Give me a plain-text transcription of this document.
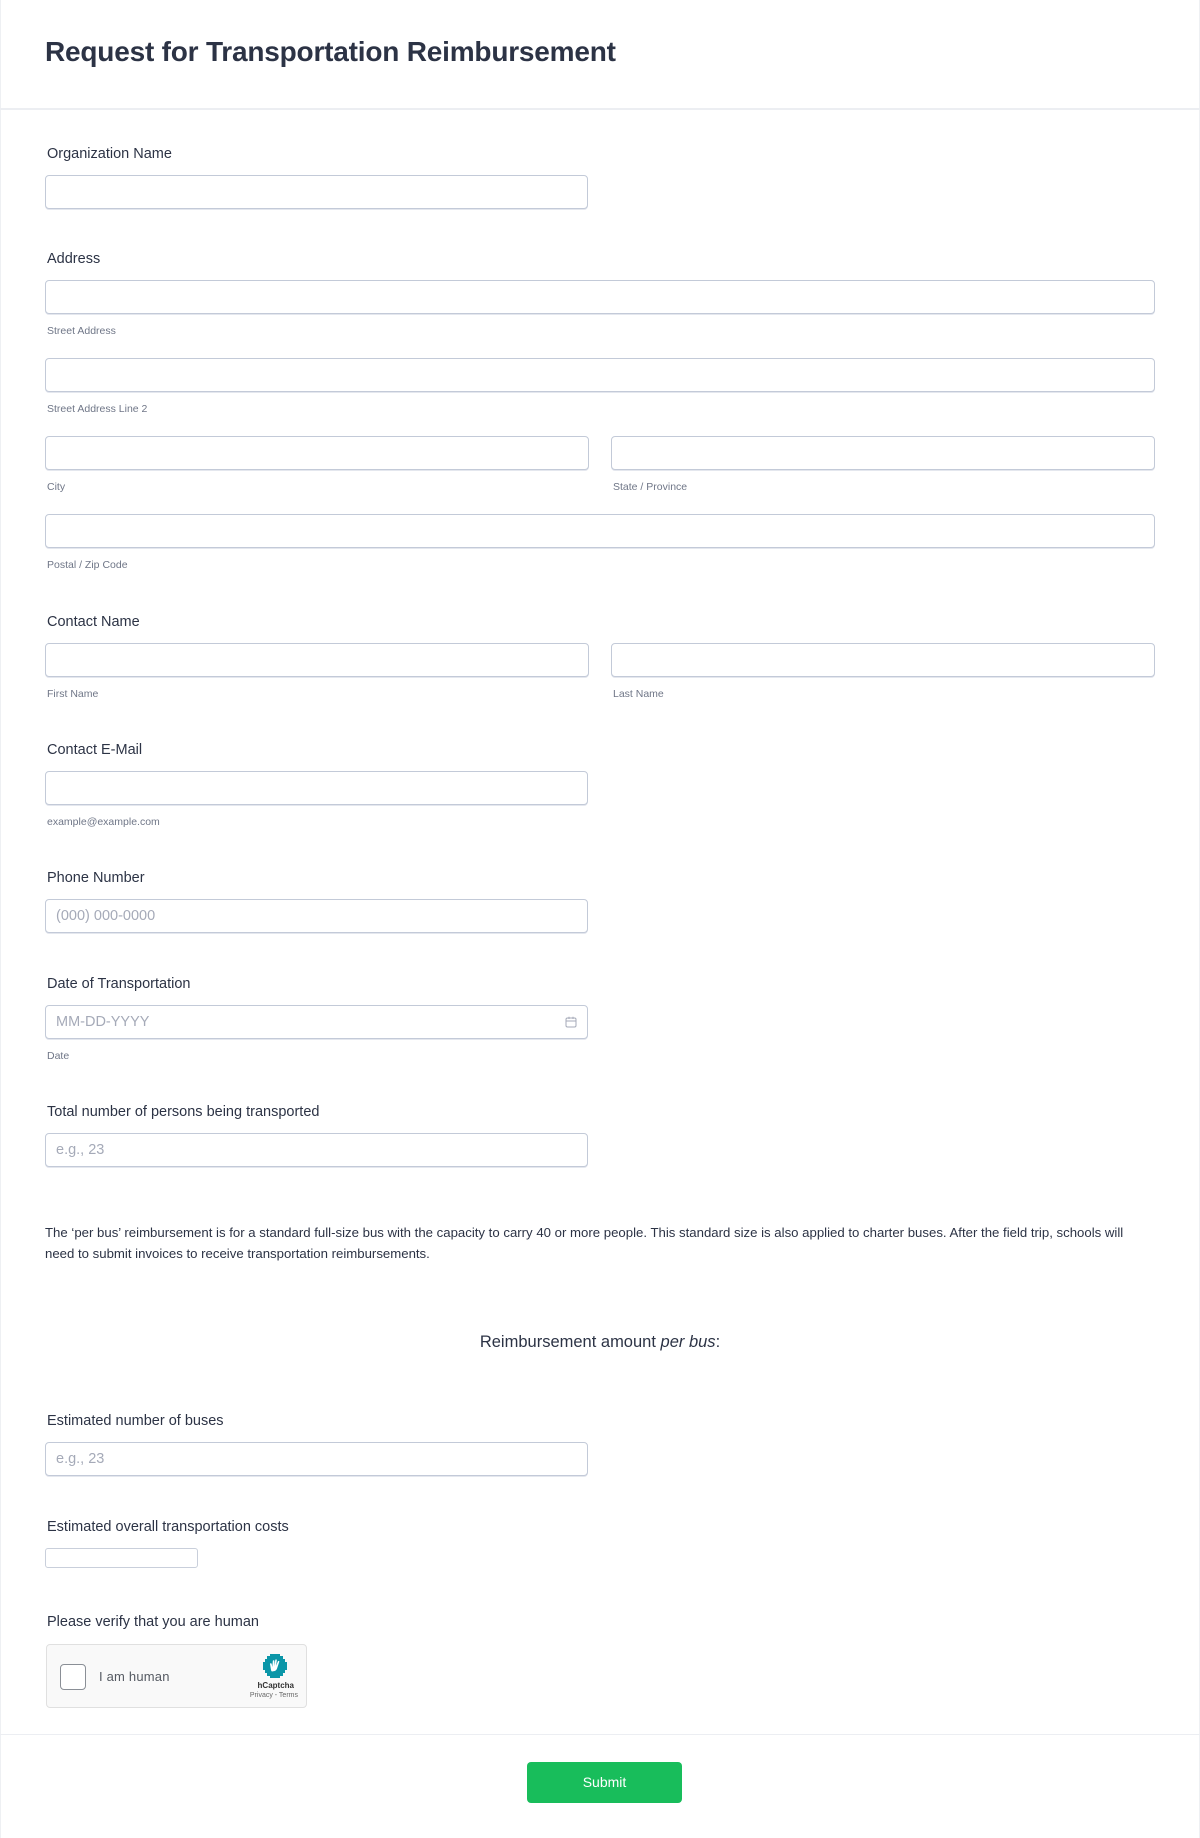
Request for Transportation Reimbursement
Organization Name
Address
Street Address
Street Address Line 2
City	State / Province
Postal / Zip Code
Contact Name
First Name	Last Name
Contact E-Mail
example@example.com
Phone Number
(000) 000-0000
Date of Transportation
MM-DD-YYYY
Date
Total number of persons being transported
e.g., 23

The ‘per bus’ reimbursement is for a standard full-size bus with the capacity to carry 40 or more people. This standard size is also applied to charter buses. After the field trip, schools will need to submit invoices to receive transportation reimbursements.

Reimbursement amount per bus:
Estimated number of buses
e.g., 23
Estimated overall transportation costs
Please verify that you are human
I am human
hCaptcha
Privacy - Terms
Submit
